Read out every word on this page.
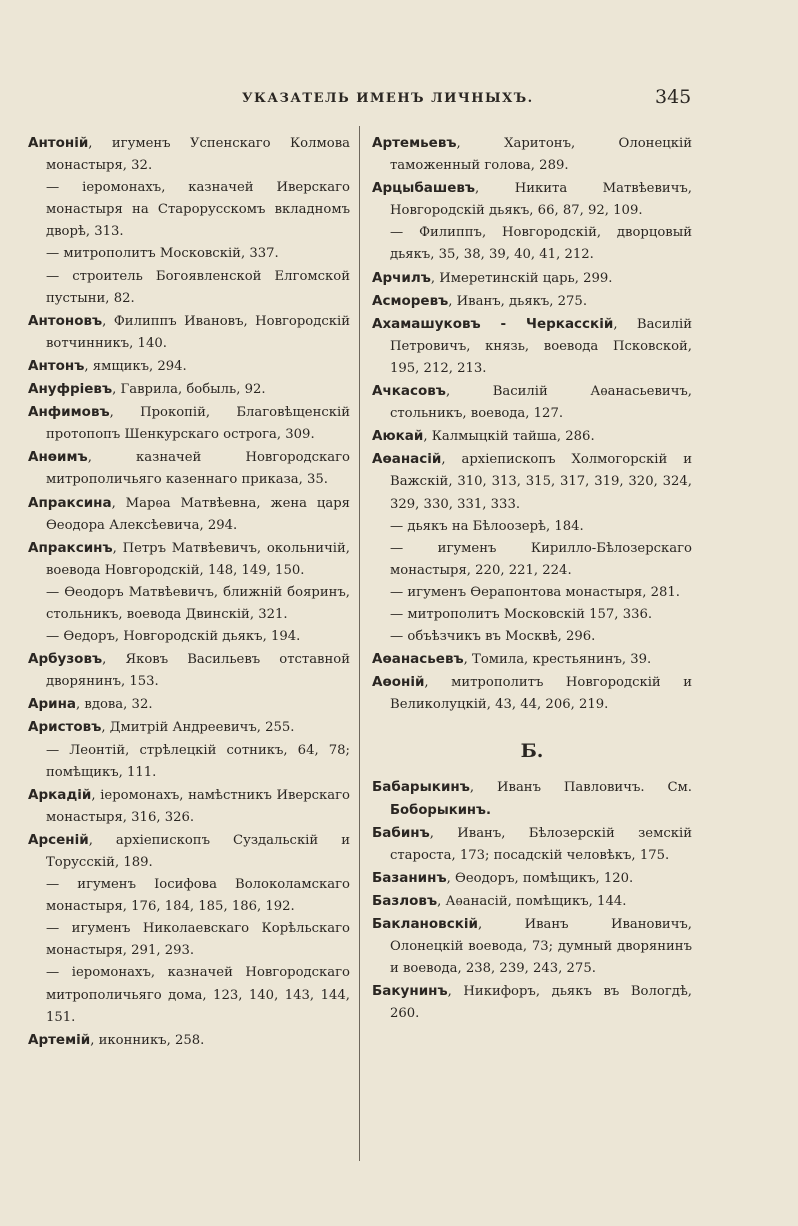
УКАЗАТЕЛЬ ИМЕНЪ ЛИЧНЫХЪ.	345

Антоній, игуменъ Успенскаго Колмова монастыря, 32.

— іеромонахъ, казначей Иверскаго монастыря на Старорусскомъ вкладномъ дворѣ, 313.

— митрополитъ Московскій, 337.

— строитель Богоявленской Елгомской пустыни, 82.

Антоновъ, Филиппъ Ивановъ, Новгородскій вотчинникъ, 140.

Антонъ, ямщикъ, 294.

Ануфріевъ, Гаврила, бобыль, 92.

Анфимовъ, Прокопій, Благовѣщенскій протопопъ Шенкурскаго острога, 309.

Анѳимъ, казначей Новгородскаго митрополичьяго казеннаго приказа, 35.

Апраксина, Марѳа Матвѣевна, жена царя Ѳеодора Алексѣевича, 294.

Апраксинъ, Петръ Матвѣевичъ, окольничій, воевода Новгородскій, 148, 149, 150.

— Ѳеодоръ Матвѣевичъ, ближній бояринъ, стольникъ, воевода Двинскій, 321.

— Ѳедоръ, Новгородскій дьякъ, 194.

Арбузовъ, Яковъ Васильевъ отставной дворянинъ, 153.

Арина, вдова, 32.

Аристовъ, Дмитрій Андреевичъ, 255.

— Леонтій, стрѣлецкій сотникъ, 64, 78; помѣщикъ, 111.

Аркадій, іеромонахъ, намѣстникъ Иверскаго монастыря, 316, 326.

Арсеній, архіепископъ Суздальскій и Торусскій, 189.

— игуменъ Іосифова Волоколамскаго монастыря, 176, 184, 185, 186, 192.

— игуменъ Николаевскаго Корѣльскаго монастыря, 291, 293.

— іеромонахъ, казначей Новгородскаго митрополичьяго дома, 123, 140, 143, 144, 151.

Артемій, иконникъ, 258.

Артемьевъ, Харитонъ, Олонецкій таможенный голова, 289.

Арцыбашевъ, Никита Матвѣевичъ, Новгородскій дьякъ, 66, 87, 92, 109.

— Филиппъ, Новгородскій, дворцовый дьякъ, 35, 38, 39, 40, 41, 212.

Арчилъ, Имеретинскій царь, 299.

Асморевъ, Иванъ, дьякъ, 275.

Ахамашуковъ - Черкасскій, Василій Петровичъ, князь, воевода Псковской, 195, 212, 213.

Ачкасовъ, Василій Аѳанасьевичъ, стольникъ, воевода, 127.

Аюкай, Калмыцкій тайша, 286.

Аѳанасій, архіепископъ Холмогорскій и Важскій, 310, 313, 315, 317, 319, 320, 324, 329, 330, 331, 333.

— дьякъ на Бѣлоозерѣ, 184.

— игуменъ Кирилло-Бѣлозерскаго монастыря, 220, 221, 224.

— игуменъ Ѳерапонтова монастыря, 281.

— митрополитъ Московскій 157, 336.

— объѣзчикъ въ Москвѣ, 296.

Аѳанасьевъ, Томила, крестьянинъ, 39.

Аѳоній, митрополитъ Новгородскій и Великолуцкій, 43, 44, 206, 219.

Б.

Бабарыкинъ, Иванъ Павловичъ. См. Боборыкинъ.

Бабинъ, Иванъ, Бѣлозерскій земскій староста, 173; посадскій человѣкъ, 175.

Базанинъ, Ѳеодоръ, помѣщикъ, 120.

Базловъ, Аѳанасій, помѣщикъ, 144.

Баклановскій, Иванъ Ивановичъ, Олонецкій воевода, 73; думный дворянинъ и воевода, 238, 239, 243, 275.

Бакунинъ, Никифоръ, дьякъ въ Вологдѣ, 260.
